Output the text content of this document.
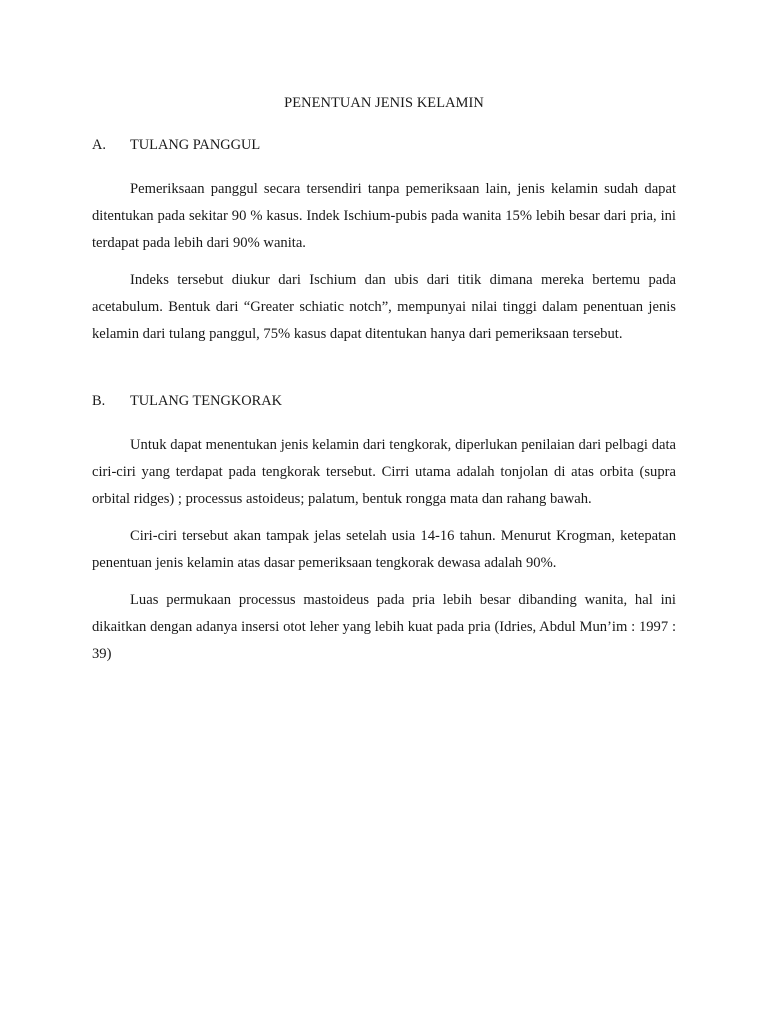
PENENTUAN JENIS KELAMIN
A.	TULANG PANGGUL

Pemeriksaan panggul secara tersendiri tanpa pemeriksaan lain, jenis kelamin sudah dapat ditentukan pada sekitar 90 % kasus. Indek Ischium-pubis pada wanita 15% lebih besar dari pria, ini terdapat pada lebih dari 90% wanita.

Indeks tersebut diukur dari Ischium dan ubis dari titik dimana mereka bertemu pada acetabulum. Bentuk dari “Greater schiatic notch”, mempunyai nilai tinggi dalam penentuan jenis kelamin dari tulang panggul, 75% kasus dapat ditentukan hanya dari pemeriksaan tersebut.

B.	TULANG TENGKORAK

Untuk dapat menentukan jenis kelamin dari tengkorak, diperlukan penilaian dari pelbagi data ciri-ciri yang terdapat pada tengkorak tersebut. Cirri utama adalah tonjolan di atas orbita (supra orbital ridges) ; processus astoideus; palatum, bentuk rongga mata dan rahang bawah.

Ciri-ciri tersebut akan tampak jelas setelah usia 14-16 tahun. Menurut Krogman, ketepatan penentuan jenis kelamin atas dasar pemeriksaan tengkorak dewasa adalah 90%.

Luas permukaan processus mastoideus pada pria lebih besar dibanding wanita, hal ini dikaitkan dengan adanya insersi otot leher yang lebih kuat pada pria (Idries, Abdul Mun’im : 1997 : 39)
